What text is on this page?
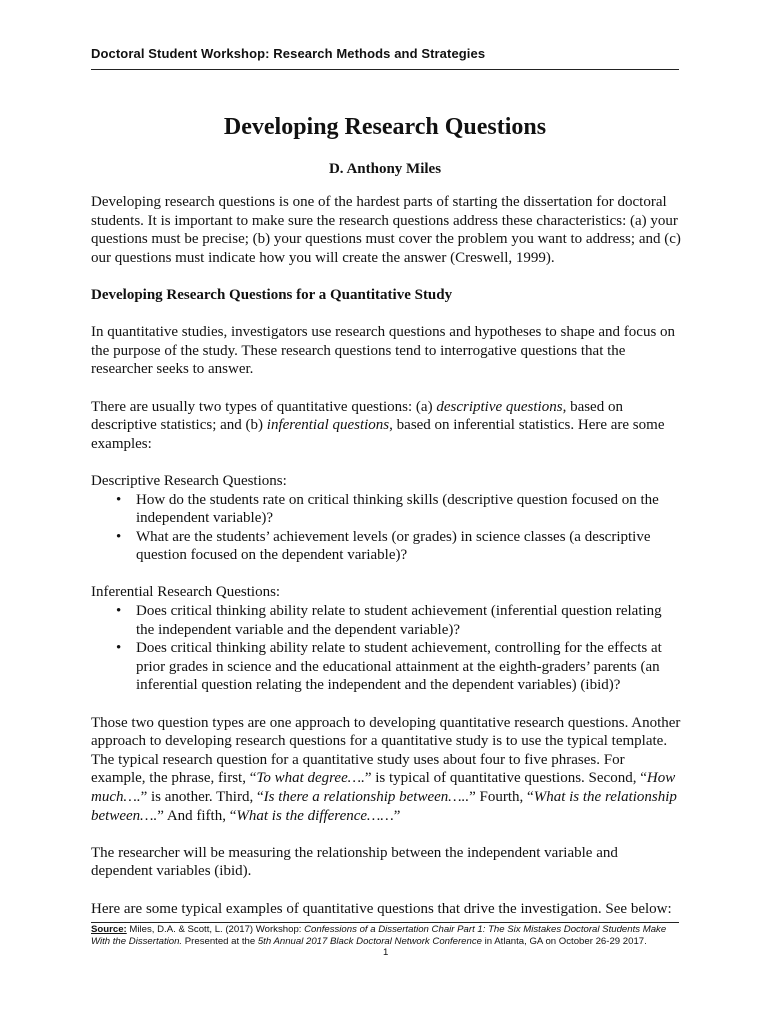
Doctoral Student Workshop: Research Methods and Strategies
Developing Research Questions
D. Anthony Miles

Developing research questions is one of the hardest parts of starting the dissertation for doctoral students. It is important to make sure the research questions address these characteristics: (a) your questions must be precise; (b) your questions must cover the problem you want to address; and (c) our questions must indicate how you will create the answer (Creswell, 1999).

Developing Research Questions for a Quantitative Study

In quantitative studies, investigators use research questions and hypotheses to shape and focus on the purpose of the study. These research questions tend to interrogative questions that the researcher seeks to answer.

There are usually two types of quantitative questions: (a) descriptive questions, based on descriptive statistics; and (b) inferential questions, based on inferential statistics. Here are some examples:

Descriptive Research Questions:
• How do the students rate on critical thinking skills (descriptive question focused on the independent variable)?
• What are the students’ achievement levels (or grades) in science classes (a descriptive question focused on the dependent variable)?
Inferential Research Questions:
• Does critical thinking ability relate to student achievement (inferential question relating the independent variable and the dependent variable)?
• Does critical thinking ability relate to student achievement, controlling for the effects at prior grades in science and the educational attainment at the eighth-graders’ parents (an inferential question relating the independent and the dependent variables) (ibid)?

Those two question types are one approach to developing quantitative research questions. Another approach to developing research questions for a quantitative study is to use the typical template. The typical research question for a quantitative study uses about four to five phrases. For example, the phrase, first, “To what degree….” is typical of quantitative questions. Second, “How much….” is another. Third, “Is there a relationship between…..” Fourth, “What is the relationship between….” And fifth, “What is the difference……”

The researcher will be measuring the relationship between the independent variable and dependent variables (ibid).

Here are some typical examples of quantitative questions that drive the investigation. See below:

Source: Miles, D.A. & Scott, L. (2017) Workshop: Confessions of a Dissertation Chair Part 1: The Six Mistakes Doctoral Students Make With the Dissertation. Presented at the 5th Annual 2017 Black Doctoral Network Conference in Atlanta, GA on October 26-29 2017.
1
